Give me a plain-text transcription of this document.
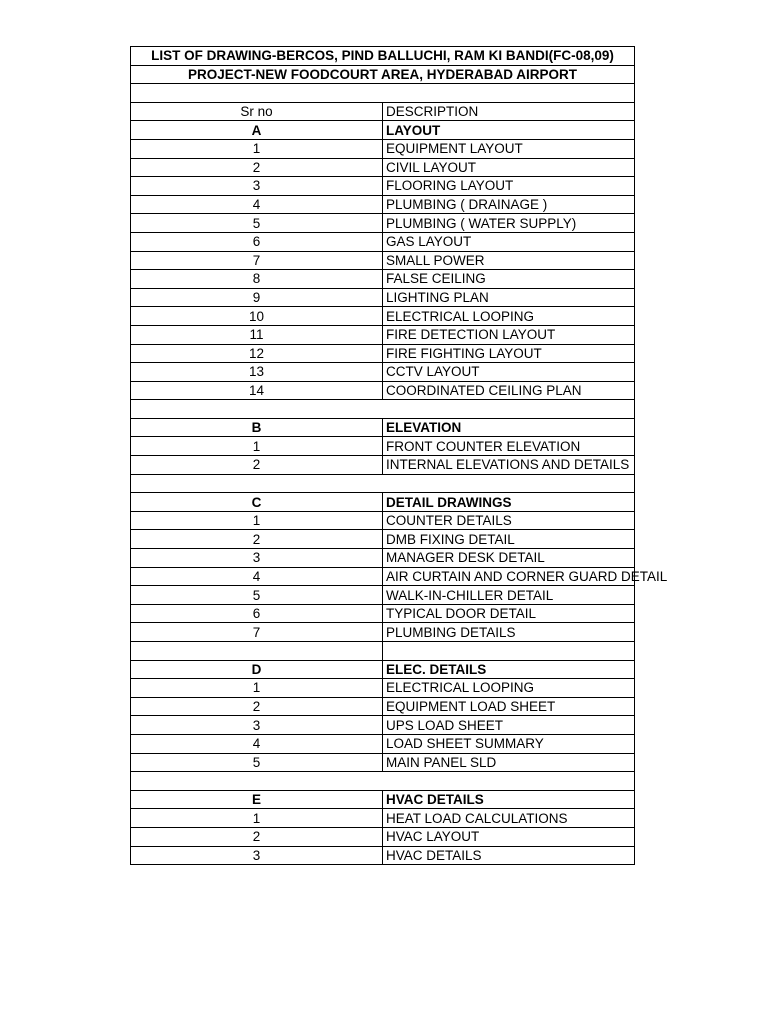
LIST OF DRAWING-BERCOS, PIND BALLUCHI, RAM KI BANDI(FC-08,09)	
PROJECT-NEW FOODCOURT AREA, HYDERABAD AIRPORT	

Sr no	DESCRIPTION
A	LAYOUT
1	EQUIPMENT LAYOUT
2	CIVIL LAYOUT
3	FLOORING LAYOUT
4	PLUMBING ( DRAINAGE )
5	PLUMBING ( WATER SUPPLY)
6	GAS LAYOUT
7	SMALL POWER
8	FALSE CEILING
9	LIGHTING PLAN
10	ELECTRICAL LOOPING
11	FIRE DETECTION LAYOUT
12	FIRE FIGHTING LAYOUT
13	CCTV LAYOUT
14	COORDINATED CEILING PLAN

B	ELEVATION
1	FRONT COUNTER ELEVATION
2	INTERNAL ELEVATIONS AND DETAILS

C	DETAIL DRAWINGS
1	COUNTER DETAILS
2	DMB FIXING DETAIL
3	MANAGER DESK DETAIL
4	AIR CURTAIN AND CORNER GUARD DETAIL
5	WALK-IN-CHILLER DETAIL
6	TYPICAL DOOR DETAIL
7	PLUMBING DETAILS

D	ELEC. DETAILS
1	ELECTRICAL LOOPING
2	EQUIPMENT LOAD SHEET
3	UPS LOAD SHEET
4	LOAD SHEET SUMMARY
5	MAIN PANEL SLD

E	HVAC DETAILS
1	HEAT LOAD CALCULATIONS
2	HVAC LAYOUT
3	HVAC DETAILS
